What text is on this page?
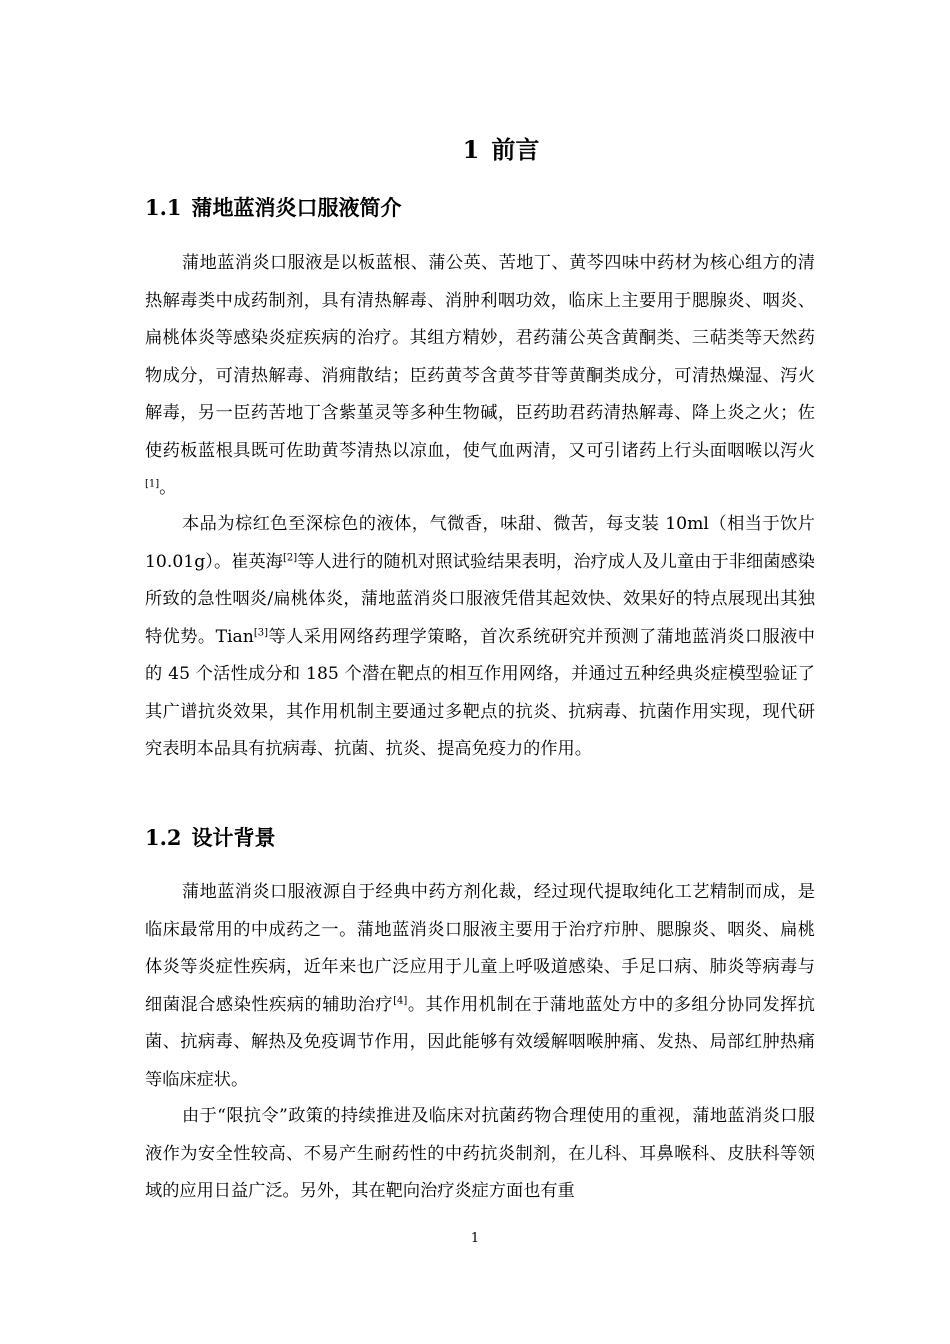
1 前言
1.1 蒲地蓝消炎口服液简介

蒲地蓝消炎口服液是以板蓝根、蒲公英、苦地丁、黄芩四味中药材为核心组方的清热解毒类中成药制剂，具有清热解毒、消肿利咽功效，临床上主要用于腮腺炎、咽炎、扁桃体炎等感染炎症疾病的治疗。其组方精妙，君药蒲公英含黄酮类、三萜类等天然药物成分，可清热解毒、消痈散结；臣药黄芩含黄芩苷等黄酮类成分，可清热燥湿、泻火解毒，另一臣药苦地丁含紫堇灵等多种生物碱，臣药助君药清热解毒、降上炎之火；佐使药板蓝根具既可佐助黄芩清热以凉血，使气血两清，又可引诸药上行头面咽喉以泻火[1]。

本品为棕红色至深棕色的液体，气微香，味甜、微苦，每支装 10ml（相当于饮片 10.01g）。崔英海[2]等人进行的随机对照试验结果表明，治疗成人及儿童由于非细菌感染所致的急性咽炎/扁桃体炎，蒲地蓝消炎口服液凭借其起效快、效果好的特点展现出其独特优势。Tian[3]等人采用网络药理学策略，首次系统研究并预测了蒲地蓝消炎口服液中的 45 个活性成分和 185 个潜在靶点的相互作用网络，并通过五种经典炎症模型验证了其广谱抗炎效果，其作用机制主要通过多靶点的抗炎、抗病毒、抗菌作用实现，现代研究表明本品具有抗病毒、抗菌、抗炎、提高免疫力的作用。

1.2 设计背景

蒲地蓝消炎口服液源自于经典中药方剂化裁，经过现代提取纯化工艺精制而成，是临床最常用的中成药之一。蒲地蓝消炎口服液主要用于治疗疖肿、腮腺炎、咽炎、扁桃体炎等炎症性疾病，近年来也广泛应用于儿童上呼吸道感染、手足口病、肺炎等病毒与细菌混合感染性疾病的辅助治疗[4]。其作用机制在于蒲地蓝处方中的多组分协同发挥抗菌、抗病毒、解热及免疫调节作用，因此能够有效缓解咽喉肿痛、发热、局部红肿热痛等临床症状。

由于“限抗令”政策的持续推进及临床对抗菌药物合理使用的重视，蒲地蓝消炎口服液作为安全性较高、不易产生耐药性的中药抗炎制剂，在儿科、耳鼻喉科、皮肤科等领域的应用日益广泛。另外，其在靶向治疗炎症方面也有重

1
